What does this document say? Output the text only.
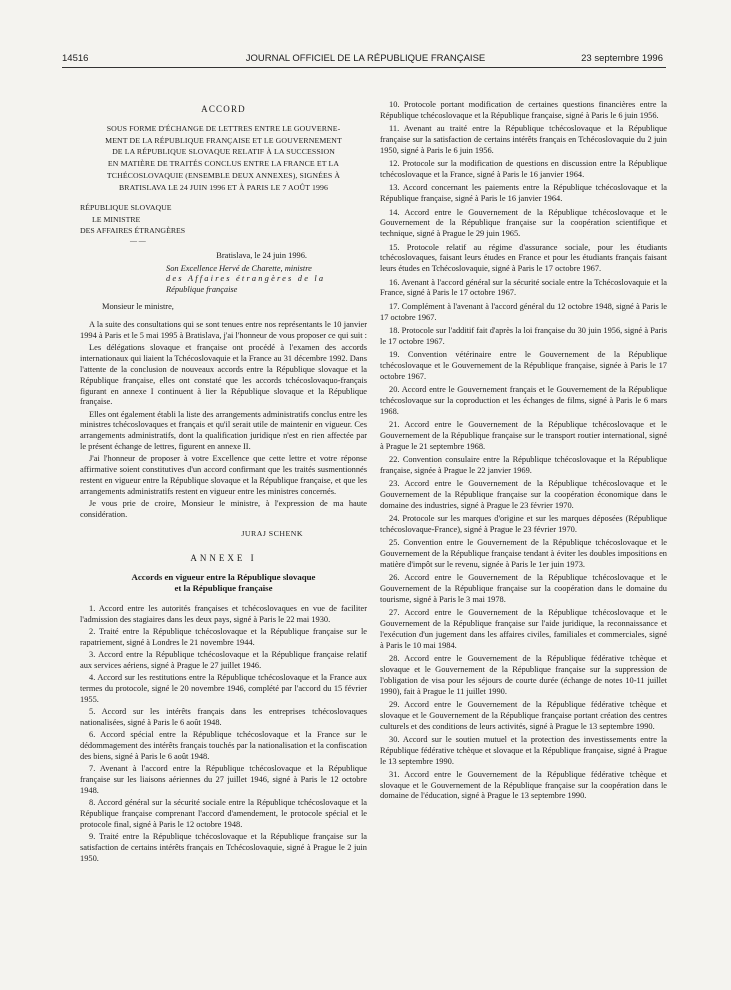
14516	JOURNAL OFFICIEL DE LA RÉPUBLIQUE FRANÇAISE	23 septembre 1996

ACCORD

SOUS FORME D'ÉCHANGE DE LETTRES ENTRE LE GOUVERNE-

MENT DE LA RÉPUBLIQUE FRANÇAISE ET LE GOUVERNEMENT

DE LA RÉPUBLIQUE SLOVAQUE RELATIF À LA SUCCESSION

EN MATIÈRE DE TRAITÉS CONCLUS ENTRE LA FRANCE ET LA

TCHÉCOSLOVAQUIE (ENSEMBLE DEUX ANNEXES), SIGNÉES À

BRATISLAVA LE 24 JUIN 1996 ET À PARIS LE 7 AOÛT 1996

RÉPUBLIQUE SLOVAQUE

LE MINISTRE

DES AFFAIRES ÉTRANGÈRES

— —

Bratislava, le 24 juin 1996.

Son Excellence Hervé de Charette, ministre
des Affaires étrangères de la
République française

Monsieur le ministre,

A la suite des consultations qui se sont tenues entre nos représentants le 10 janvier 1994 à Paris et le 5 mai 1995 à Bratislava, j'ai l'honneur de vous proposer ce qui suit :

Les délégations slovaque et française ont procédé à l'examen des accords internationaux qui liaient la Tchécoslovaquie et la France au 31 décembre 1992. Dans l'attente de la conclusion de nouveaux accords entre la République slovaque et la République française, elles ont constaté que les accords tchécoslovaquo-français figurant en annexe I continuent à lier la République slovaque et la République française.

Elles ont également établi la liste des arrangements administratifs conclus entre les ministres tchécoslovaques et français et qu'il serait utile de maintenir en vigueur. Ces arrangements administratifs, dont la qualification juridique n'est en rien affectée par le présent échange de lettres, figurent en annexe II.

J'ai l'honneur de proposer à votre Excellence que cette lettre et votre réponse affirmative soient constitutives d'un accord confirmant que les traités susmentionnés restent en vigueur entre la République slovaque et la République française, et que les arrangements administratifs restent en vigueur entre les ministres concernés.

Je vous prie de croire, Monsieur le ministre, à l'expression de ma haute considération.

JURAJ SCHENK

ANNEXE I

Accords en vigueur entre la République slovaque
et la République française

1. Accord entre les autorités françaises et tchécoslovaques en vue de faciliter l'admission des stagiaires dans les deux pays, signé à Paris le 22 mai 1930.

2. Traité entre la République tchécoslovaque et la République française sur le rapatriement, signé à Londres le 21 novembre 1944.

3. Accord entre la République tchécoslovaque et la République française relatif aux services aériens, signé à Prague le 27 juillet 1946.

4. Accord sur les restitutions entre la République tchécoslovaque et la France aux termes du protocole, signé le 20 novembre 1946, complété par l'accord du 15 février 1955.

5. Accord sur les intérêts français dans les entreprises tchécoslovaques nationalisées, signé à Paris le 6 août 1948.

6. Accord spécial entre la République tchécoslovaque et la France sur le dédommagement des intérêts français touchés par la nationalisation et la confiscation des biens, signé à Paris le 6 août 1948.

7. Avenant à l'accord entre la République tchécoslovaque et la République française sur les liaisons aériennes du 27 juillet 1946, signé à Paris le 12 octobre 1948.

8. Accord général sur la sécurité sociale entre la République tchécoslovaque et la République française comprenant l'accord d'amendement, le protocole spécial et le protocole final, signé à Paris le 12 octobre 1948.

9. Traité entre la République tchécoslovaque et la République française sur la satisfaction de certains intérêts français en Tchécoslovaquie, signé à Prague le 2 juin 1950.

10. Protocole portant modification de certaines questions financières entre la République tchécoslovaque et la République française, signé à Paris le 6 juin 1956.

11. Avenant au traité entre la République tchécoslovaque et la République française sur la satisfaction de certains intérêts français en Tchécoslovaquie du 2 juin 1950, signé à Paris le 6 juin 1956.

12. Protocole sur la modification de questions en discussion entre la République tchécoslovaque et la France, signé à Paris le 16 janvier 1964.

13. Accord concernant les paiements entre la République tchécoslovaque et la République française, signé à Paris le 16 janvier 1964.

14. Accord entre le Gouvernement de la République tchécoslovaque et le Gouvernement de la République française sur la coopération scientifique et technique, signé à Prague le 29 juin 1965.

15. Protocole relatif au régime d'assurance sociale, pour les étudiants tchécoslovaques, faisant leurs études en France et pour les étudiants français faisant leurs études en Tchécoslovaquie, signé à Paris le 17 octobre 1967.

16. Avenant à l'accord général sur la sécurité sociale entre la Tchécoslovaquie et la France, signé à Paris le 17 octobre 1967.

17. Complément à l'avenant à l'accord général du 12 octobre 1948, signé à Paris le 17 octobre 1967.

18. Protocole sur l'additif fait d'après la loi française du 30 juin 1956, signé à Paris le 17 octobre 1967.

19. Convention vétérinaire entre le Gouvernement de la République tchécoslovaque et le Gouvernement de la République française, signée à Paris le 17 octobre 1967.

20. Accord entre le Gouvernement français et le Gouvernement de la République tchécoslovaque sur la coproduction et les échanges de films, signé à Paris le 6 mars 1968.

21. Accord entre le Gouvernement de la République tchécoslovaque et le Gouvernement de la République française sur le transport routier international, signé à Prague le 21 septembre 1968.

22. Convention consulaire entre la République tchécoslovaque et la République française, signée à Prague le 22 janvier 1969.

23. Accord entre le Gouvernement de la République tchécoslovaque et le Gouvernement de la République française sur la coopération économique dans le domaine des industries, signé à Prague le 23 février 1970.

24. Protocole sur les marques d'origine et sur les marques déposées (République tchécoslovaque-France), signé à Prague le 23 février 1970.

25. Convention entre le Gouvernement de la République tchécoslovaque et le Gouvernement de la République française tendant à éviter les doubles impositions en matière d'impôt sur le revenu, signée à Paris le 1er juin 1973.

26. Accord entre le Gouvernement de la République tchécoslovaque et le Gouvernement de la République française sur la coopération dans le domaine du tourisme, signé à Paris le 3 mai 1978.

27. Accord entre le Gouvernement de la République tchécoslovaque et le Gouvernement de la République française sur l'aide juridique, la reconnaissance et l'exécution d'un jugement dans les affaires civiles, familiales et commerciales, signé à Paris le 10 mai 1984.

28. Accord entre le Gouvernement de la République fédérative tchèque et slovaque et le Gouvernement de la République française sur la suppression de l'obligation de visa pour les séjours de courte durée (échange de notes 10-11 juillet 1990), fait à Prague le 11 juillet 1990.

29. Accord entre le Gouvernement de la République fédérative tchèque et slovaque et le Gouvernement de la République française portant création des centres culturels et des conditions de leurs activités, signé à Prague le 13 septembre 1990.

30. Accord sur le soutien mutuel et la protection des investissements entre la République fédérative tchèque et slovaque et la République française, signé à Prague le 13 septembre 1990.

31. Accord entre le Gouvernement de la République fédérative tchèque et slovaque et le Gouvernement de la République française sur la coopération dans le domaine de l'éducation, signé à Prague le 13 septembre 1990.
